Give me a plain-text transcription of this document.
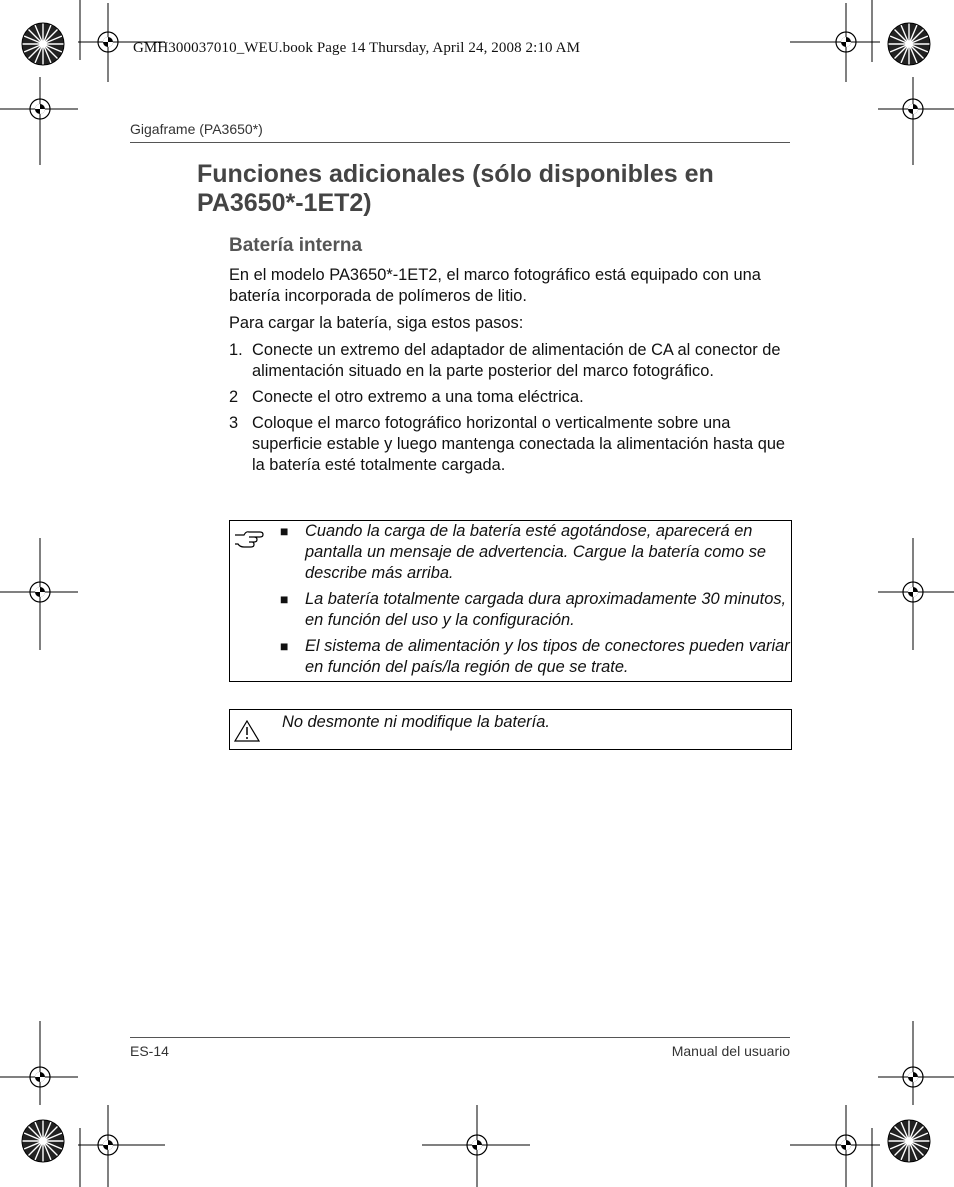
GMH300037010_WEU.book Page 14 Thursday, April 24, 2008 2:10 AM
Gigaframe (PA3650*)
Funciones adicionales (sólo disponibles en PA3650*-1ET2)
Batería interna

En el modelo PA3650*-1ET2, el marco fotográfico está equipado con una batería incorporada de polímeros de litio.

Para cargar la batería, siga estos pasos:

1. Conecte un extremo del adaptador de alimentación de CA al conector de alimentación situado en la parte posterior del marco fotográfico.
2 Conecte el otro extremo a una toma eléctrica.
3 Coloque el marco fotográfico horizontal o verticalmente sobre una superficie estable y luego mantenga conectada la alimentación hasta que la batería esté totalmente cargada.
■	Cuando la carga de la batería esté agotándose, aparecerá en pantalla un mensaje de advertencia. Cargue la batería como se describe más arriba.
■	La batería totalmente cargada dura aproximadamente 30 minutos, en función del uso y la configuración.
■	El sistema de alimentación y los tipos de conectores pueden variar en función del país/la región de que se trate.
No desmonte ni modifique la batería.
ES-14	Manual del usuario
